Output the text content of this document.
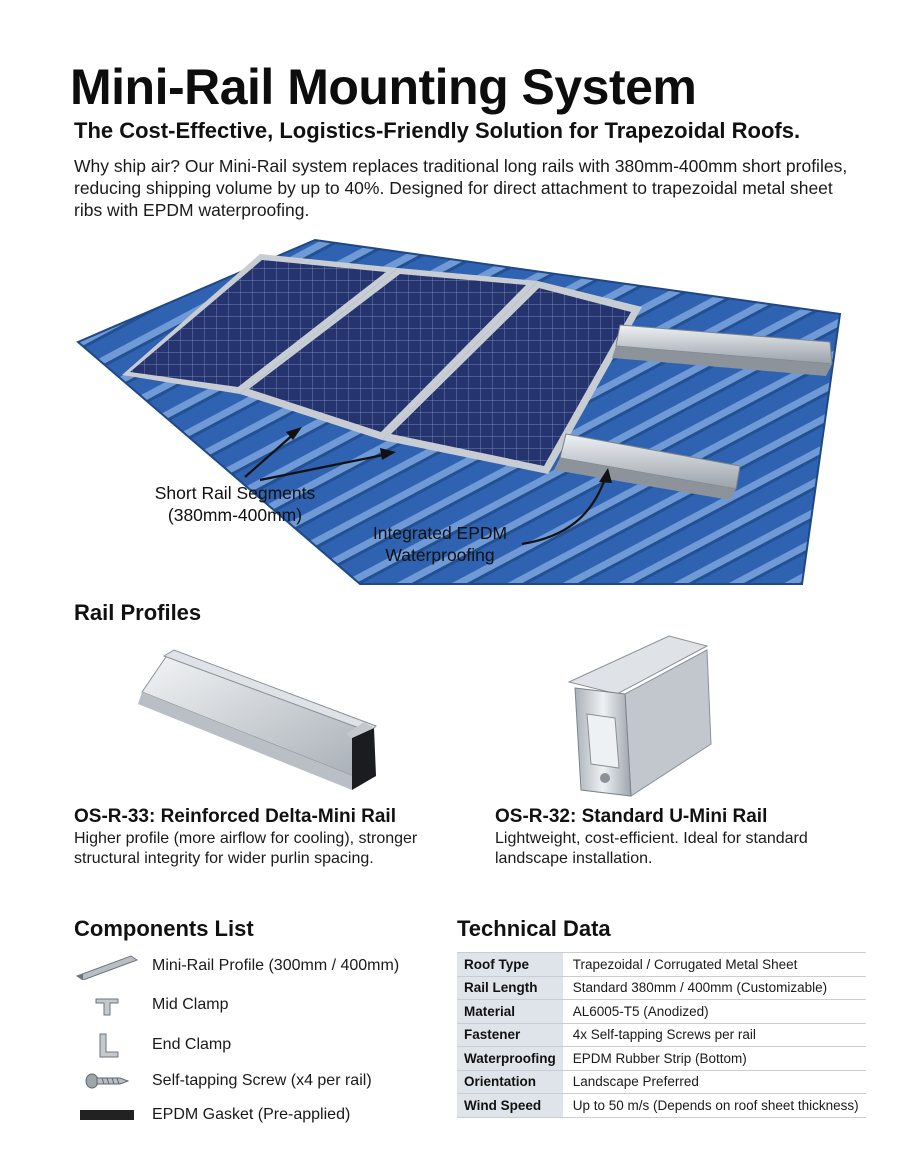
Mini-Rail Mounting System
The Cost-Effective, Logistics-Friendly Solution for Trapezoidal Roofs.

Why ship air? Our Mini-Rail system replaces traditional long rails with 380mm-400mm short profiles, reducing shipping volume by up to 40%. Designed for direct attachment to trapezoidal metal sheet ribs with EPDM waterproofing.

Short Rail Segments
(380mm-400mm)
Integrated EPDM
Waterproofing
Rail Profiles
OS-R-33: Reinforced Delta-Mini Rail

Higher profile (more airflow for cooling), stronger structural integrity for wider purlin spacing.

OS-R-32: Standard U-Mini Rail

Lightweight, cost-efficient. Ideal for standard landscape installation.

Components List
Mini-Rail Profile (300mm / 400mm)
Mid Clamp
End Clamp
Self-tapping Screw (x4 per rail)
EPDM Gasket (Pre-applied)
Technical Data
Roof Type	Trapezoidal / Corrugated Metal Sheet
Rail Length	Standard 380mm / 400mm (Customizable)
Material	AL6005-T5 (Anodized)
Fastener	4x Self-tapping Screws per rail
Waterproofing	EPDM Rubber Strip (Bottom)
Orientation	Landscape Preferred
Wind Speed	Up to 50 m/s (Depends on roof sheet thickness)
